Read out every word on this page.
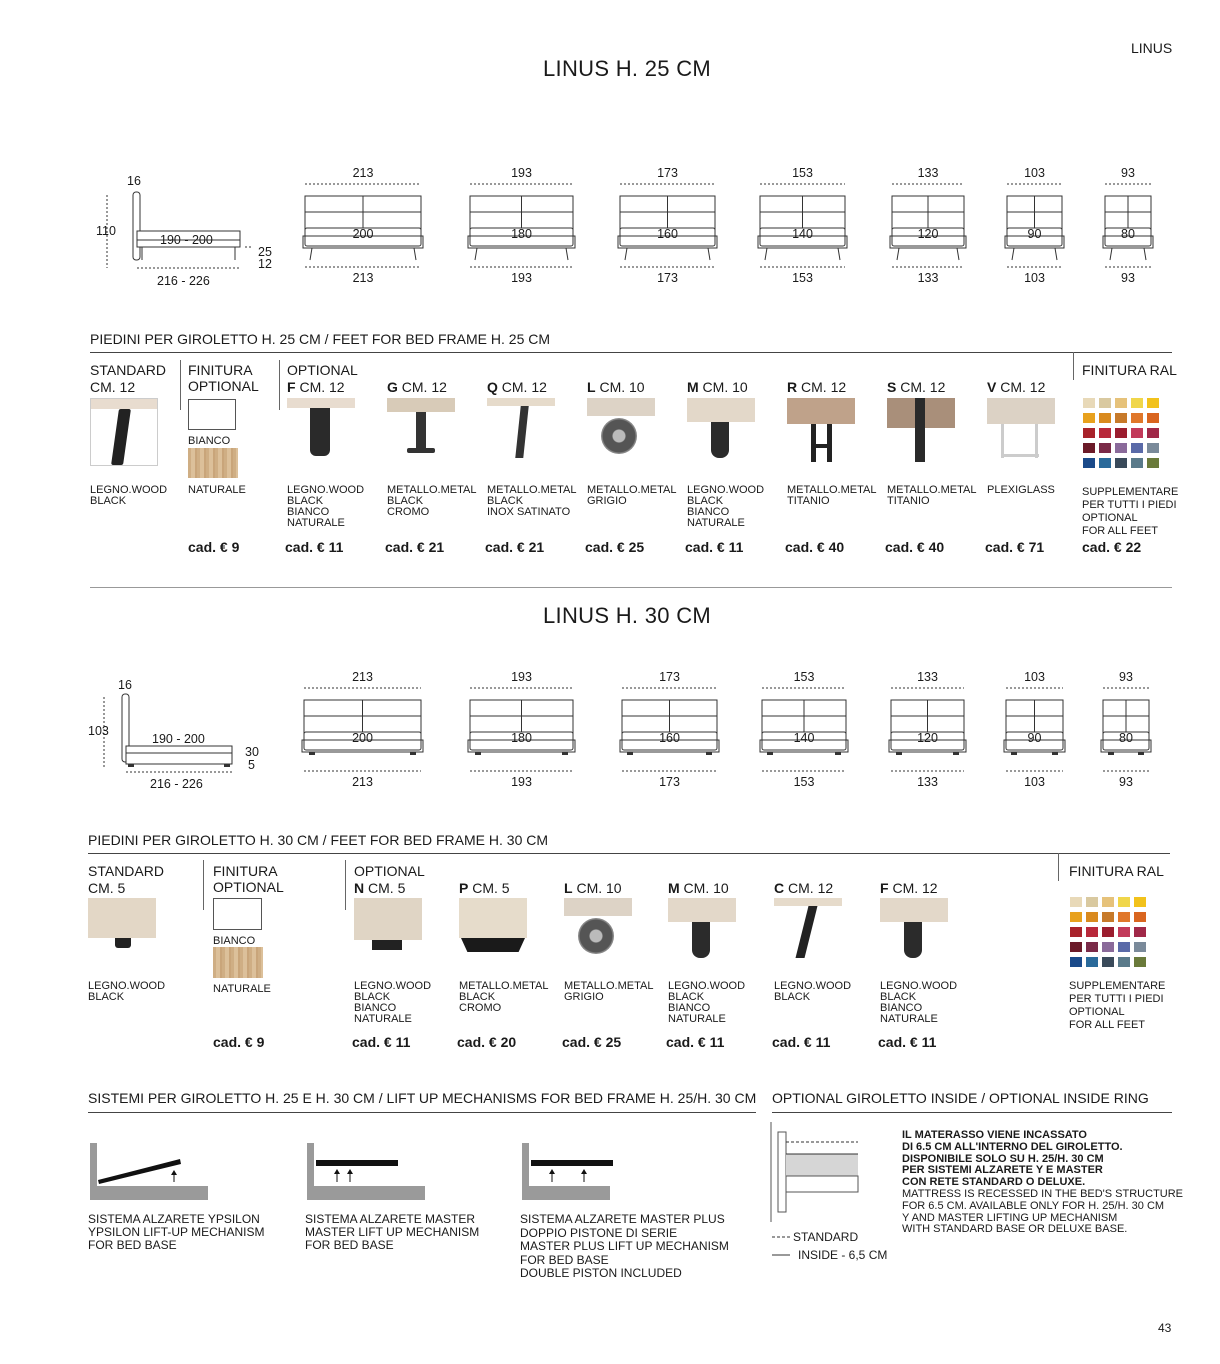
LINUS
43
LINUS H. 25 CM
110
16
190 - 200
216 - 226
25
12
213
200
213
193
180
193
173
160
173
153
140
153
133
120
133
103
90
103
93
80
93
PIEDINI PER GIROLETTO H. 25 CM / FEET FOR BED FRAME H. 25 CM
STANDARD
CM. 12
LEGNO.WOOD
BLACK
FINITURA
OPTIONAL
BIANCO
NATURALE
cad. € 9
OPTIONAL
F CM. 12
LEGNO.WOOD
BLACK
BIANCO
NATURALE
cad. € 11
G CM. 12
METALLO.METAL
BLACK
CROMO
cad. € 21
Q CM. 12
METALLO.METAL
BLACK
INOX SATINATO
cad. € 21
L CM. 10
METALLO.METAL
GRIGIO
cad. € 25
M CM. 10
LEGNO.WOOD
BLACK
BIANCO
NATURALE
cad. € 11
R CM. 12
METALLO.METAL
TITANIO
cad. € 40
S CM. 12
METALLO.METAL
TITANIO
cad. € 40
V CM. 12
PLEXIGLASS
cad. € 71
FINITURA RAL
SUPPLEMENTARE
PER TUTTI I PIEDI
OPTIONAL
FOR ALL FEET
cad. € 22
LINUS H. 30 CM
103
16
190 - 200
216 - 226
30
5
213
200
213
193
180
193
173
160
173
153
140
153
133
120
133
103
90
103
93
80
93
PIEDINI PER GIROLETTO H. 30 CM / FEET FOR BED FRAME H. 30 CM
STANDARD
CM. 5
LEGNO.WOOD
BLACK
FINITURA
OPTIONAL
BIANCO
NATURALE
cad. € 9
OPTIONAL
N CM. 5
LEGNO.WOOD
BLACK
BIANCO
NATURALE
cad. € 11
P CM. 5
METALLO.METAL
BLACK
CROMO
cad. € 20
L CM. 10
METALLO.METAL
GRIGIO
cad. € 25
M CM. 10
LEGNO.WOOD
BLACK
BIANCO
NATURALE
cad. € 11
C CM. 12
LEGNO.WOOD
BLACK
cad. € 11
F CM. 12
LEGNO.WOOD
BLACK
BIANCO
NATURALE
cad. € 11
FINITURA RAL
SUPPLEMENTARE
PER TUTTI I PIEDI
OPTIONAL
FOR ALL FEET
SISTEMI PER GIROLETTO H. 25 E H. 30 CM / LIFT UP MECHANISMS FOR BED FRAME H. 25/H. 30 CM
SISTEMA ALZARETE YPSILON
YPSILON LIFT-UP MECHANISM
FOR BED BASE
SISTEMA ALZARETE MASTER
MASTER LIFT UP MECHANISM
FOR BED BASE
SISTEMA ALZARETE MASTER PLUS
DOPPIO PISTONE DI SERIE
MASTER PLUS LIFT UP MECHANISM
FOR BED BASE
DOUBLE PISTON INCLUDED
OPTIONAL GIROLETTO INSIDE / OPTIONAL INSIDE RING
STANDARD
INSIDE - 6,5 CM
IL MATERASSO VIENE INCASSATO
DI 6.5 CM ALL'INTERNO DEL GIROLETTO.
DISPONIBILE SOLO SU H. 25/H. 30 CM
PER SISTEMI ALZARETE Y E MASTER
CON RETE STANDARD O DELUXE.
MATTRESS IS RECESSED IN THE BED'S STRUCTURE
FOR 6.5 CM. AVAILABLE ONLY FOR H. 25/H. 30 CM
Y AND MASTER LIFTING UP MECHANISM
WITH STANDARD BASE OR DELUXE BASE.
